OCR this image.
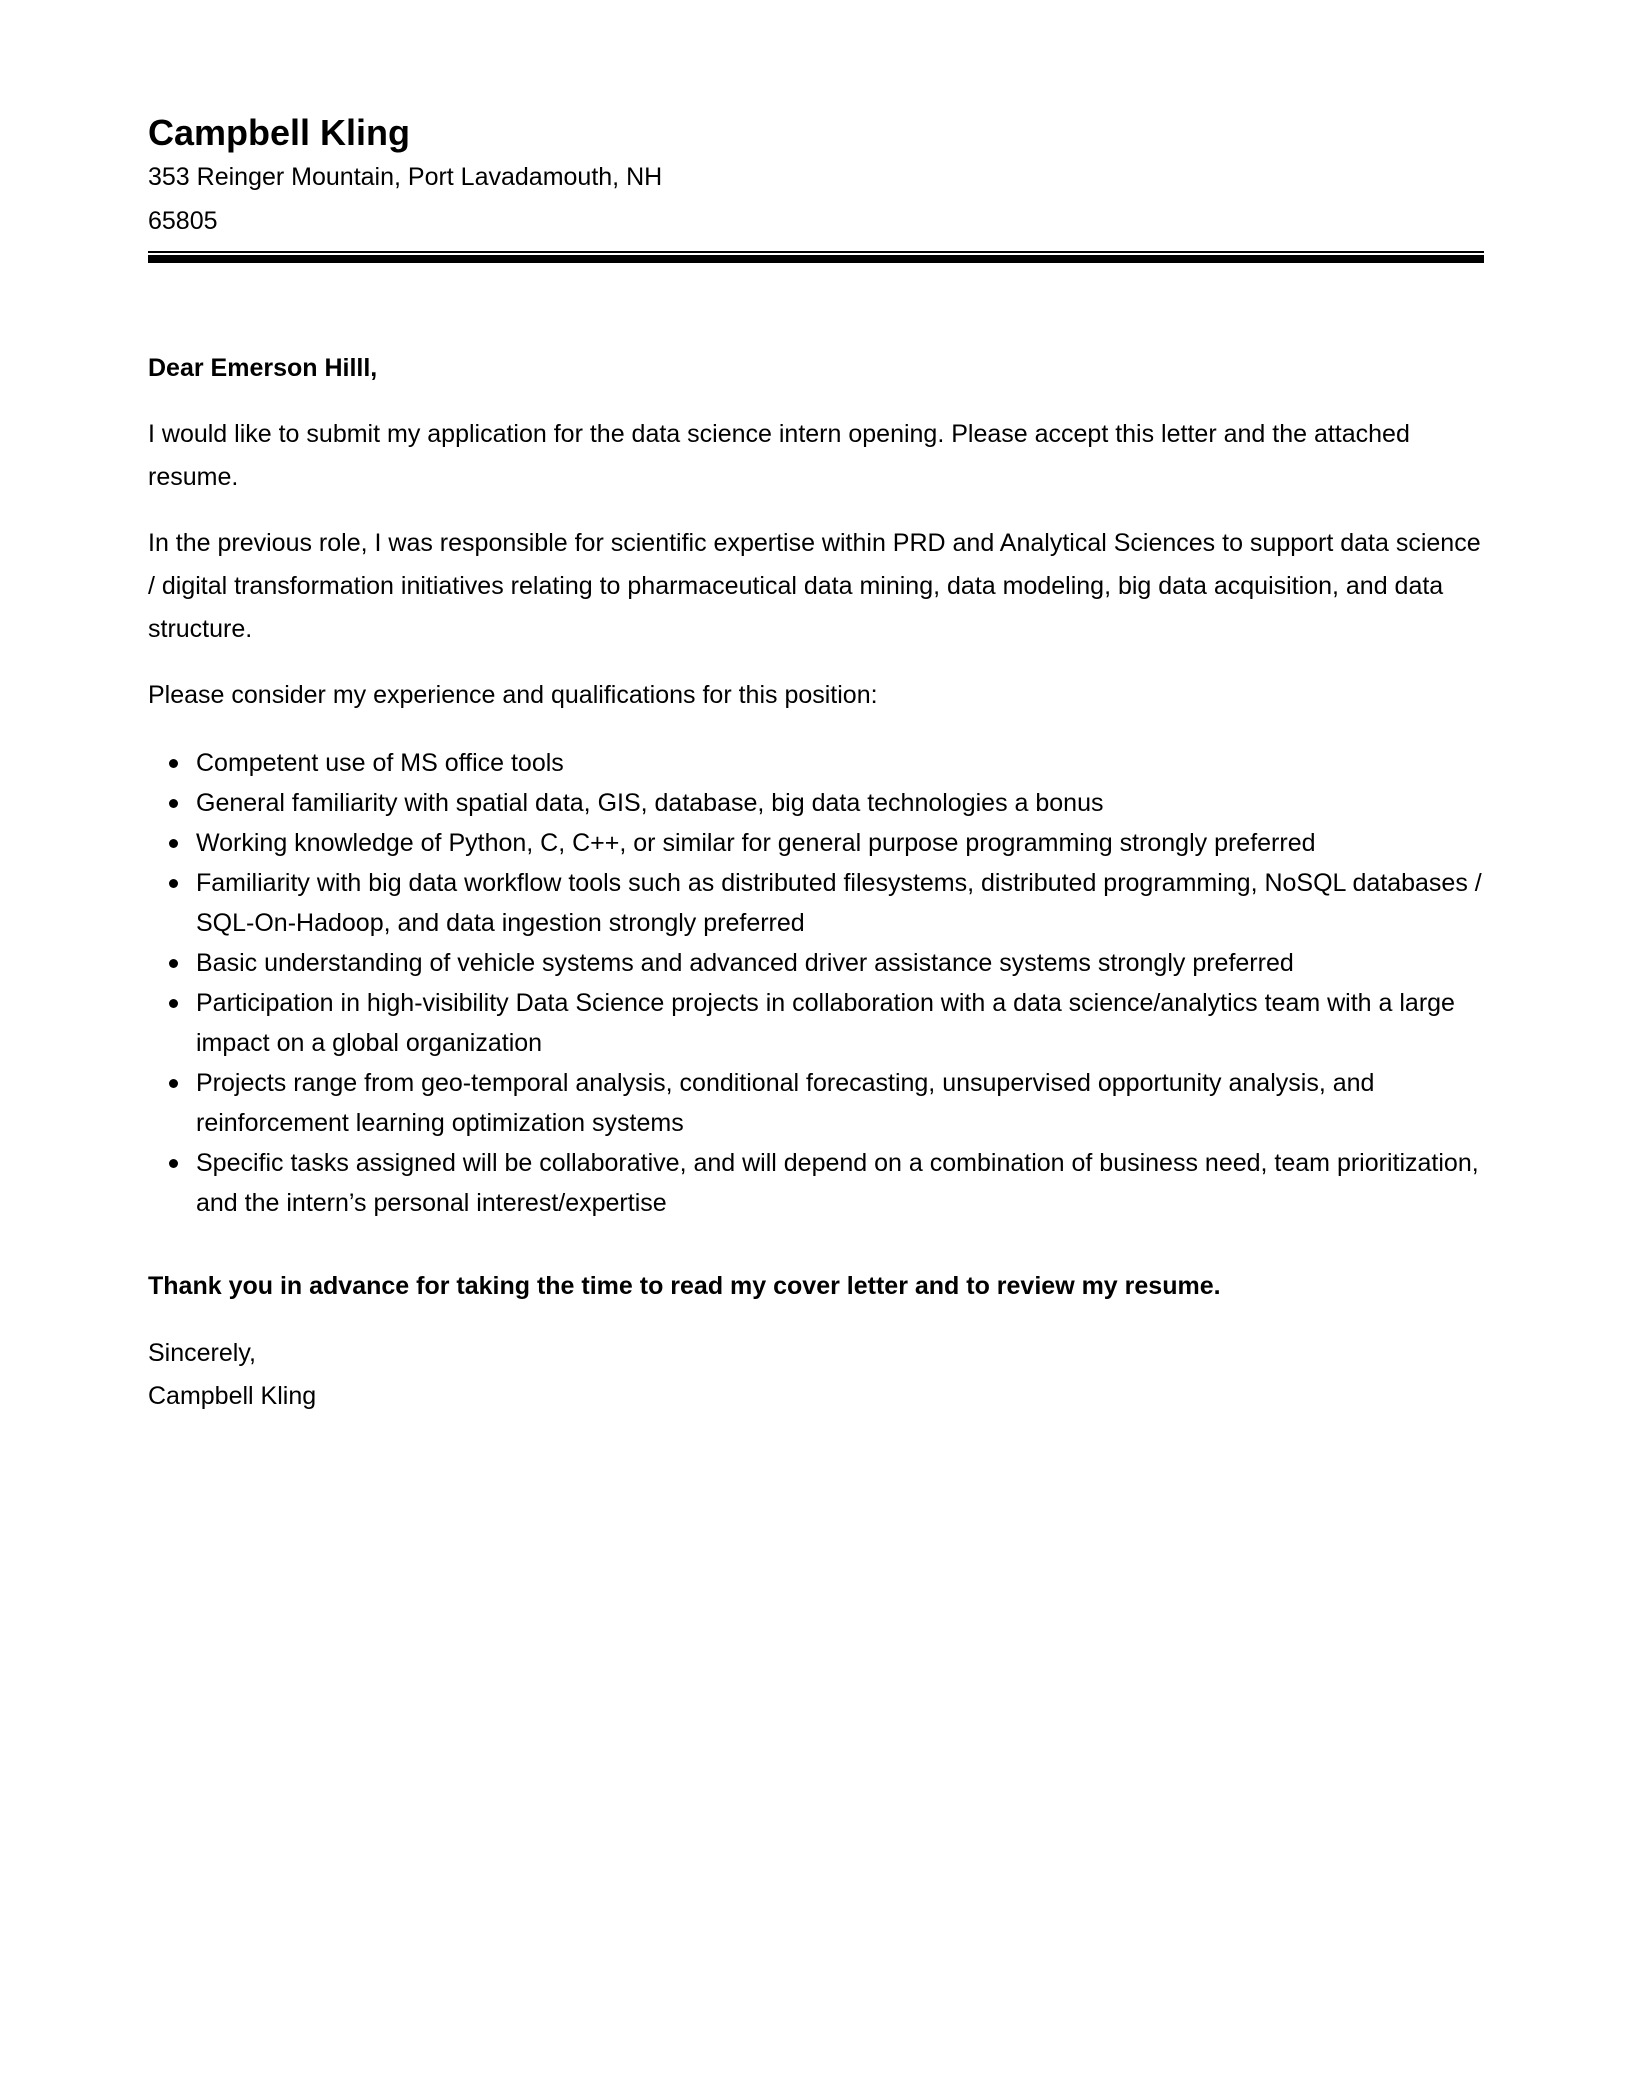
Campbell Kling
353 Reinger Mountain, Port Lavadamouth, NH
65805

Dear Emerson Hilll,

I would like to submit my application for the data science intern opening. Please accept this letter and the attached resume.

In the previous role, I was responsible for scientific expertise within PRD and Analytical Sciences to support data science / digital transformation initiatives relating to pharmaceutical data mining, data modeling, big data acquisition, and data structure.

Please consider my experience and qualifications for this position:

Competent use of MS office tools
General familiarity with spatial data, GIS, database, big data technologies a bonus
Working knowledge of Python, C, C++, or similar for general purpose programming strongly preferred
Familiarity with big data workflow tools such as distributed filesystems, distributed programming, NoSQL databases / SQL-On-Hadoop, and data ingestion strongly preferred
Basic understanding of vehicle systems and advanced driver assistance systems strongly preferred
Participation in high-visibility Data Science projects in collaboration with a data science/analytics team with a large impact on a global organization
Projects range from geo-temporal analysis, conditional forecasting, unsupervised opportunity analysis, and reinforcement learning optimization systems
Specific tasks assigned will be collaborative, and will depend on a combination of business need, team prioritization, and the intern’s personal interest/expertise

Thank you in advance for taking the time to read my cover letter and to review my resume.

Sincerely,

Campbell Kling
